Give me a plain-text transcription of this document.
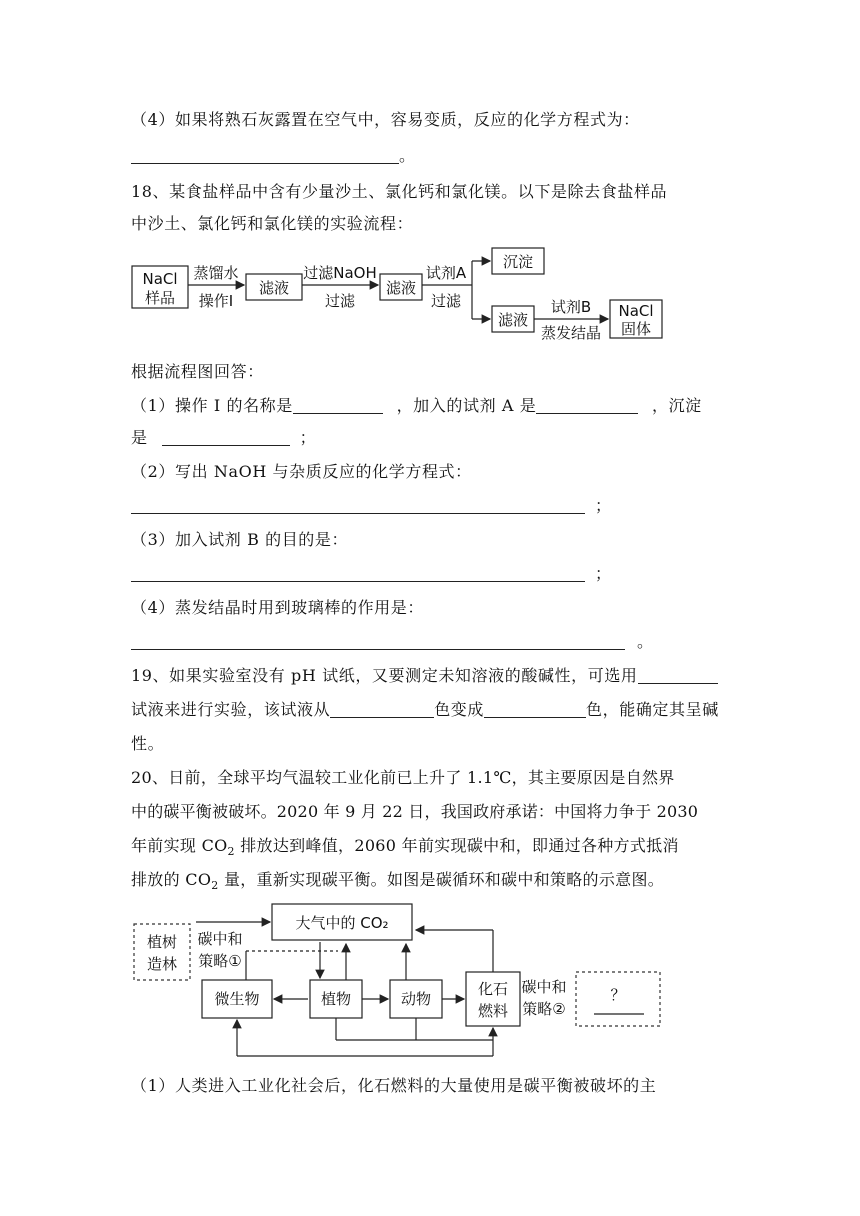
（4）如果将熟石灰露置在空气中，容易变质，反应的化学方程式为：
。
18、某食盐样品中含有少量沙土、氯化钙和氯化镁。以下是除去食盐样品
中沙土、氯化钙和氯化镁的实验流程：
NaCl
样品
蒸馏水
操作I
滤液
过滤NaOH
过滤
滤液
试剂A
过滤
沉淀
滤液
试剂B
蒸发结晶
NaCl
固体
根据流程图回答：
（1）操作 I 的名称是	，加入的试剂 A 是	，沉淀
是	；
（2）写出 NaOH 与杂质反应的化学方程式：
；
（3）加入试剂 B 的目的是：
；
（4）蒸发结晶时用到玻璃棒的作用是：
。
19、如果实验室没有 pH 试纸，又要测定未知溶液的酸碱性，可选用
试液来进行实验，该试液从	色变成	色，能确定其呈碱
性。
20、日前，全球平均气温较工业化前已上升了 1.1℃，其主要原因是自然界
中的碳平衡被破坏。2020 年 9 月 22 日，我国政府承诺：中国将力争于 2030
年前实现 $CO_2$ 排放达到峰值，2060 年前实现碳中和，即通过各种方式抵消
排放的 $CO_2$ 量，重新实现碳平衡。如图是碳循环和碳中和策略的示意图。
大气中的 CO₂
植树
造林
碳中和
策略①
微生物	植物	动物
化石
燃料
碳中和
策略②
？
（1）人类进入工业化社会后，化石燃料的大量使用是碳平衡被破坏的主
